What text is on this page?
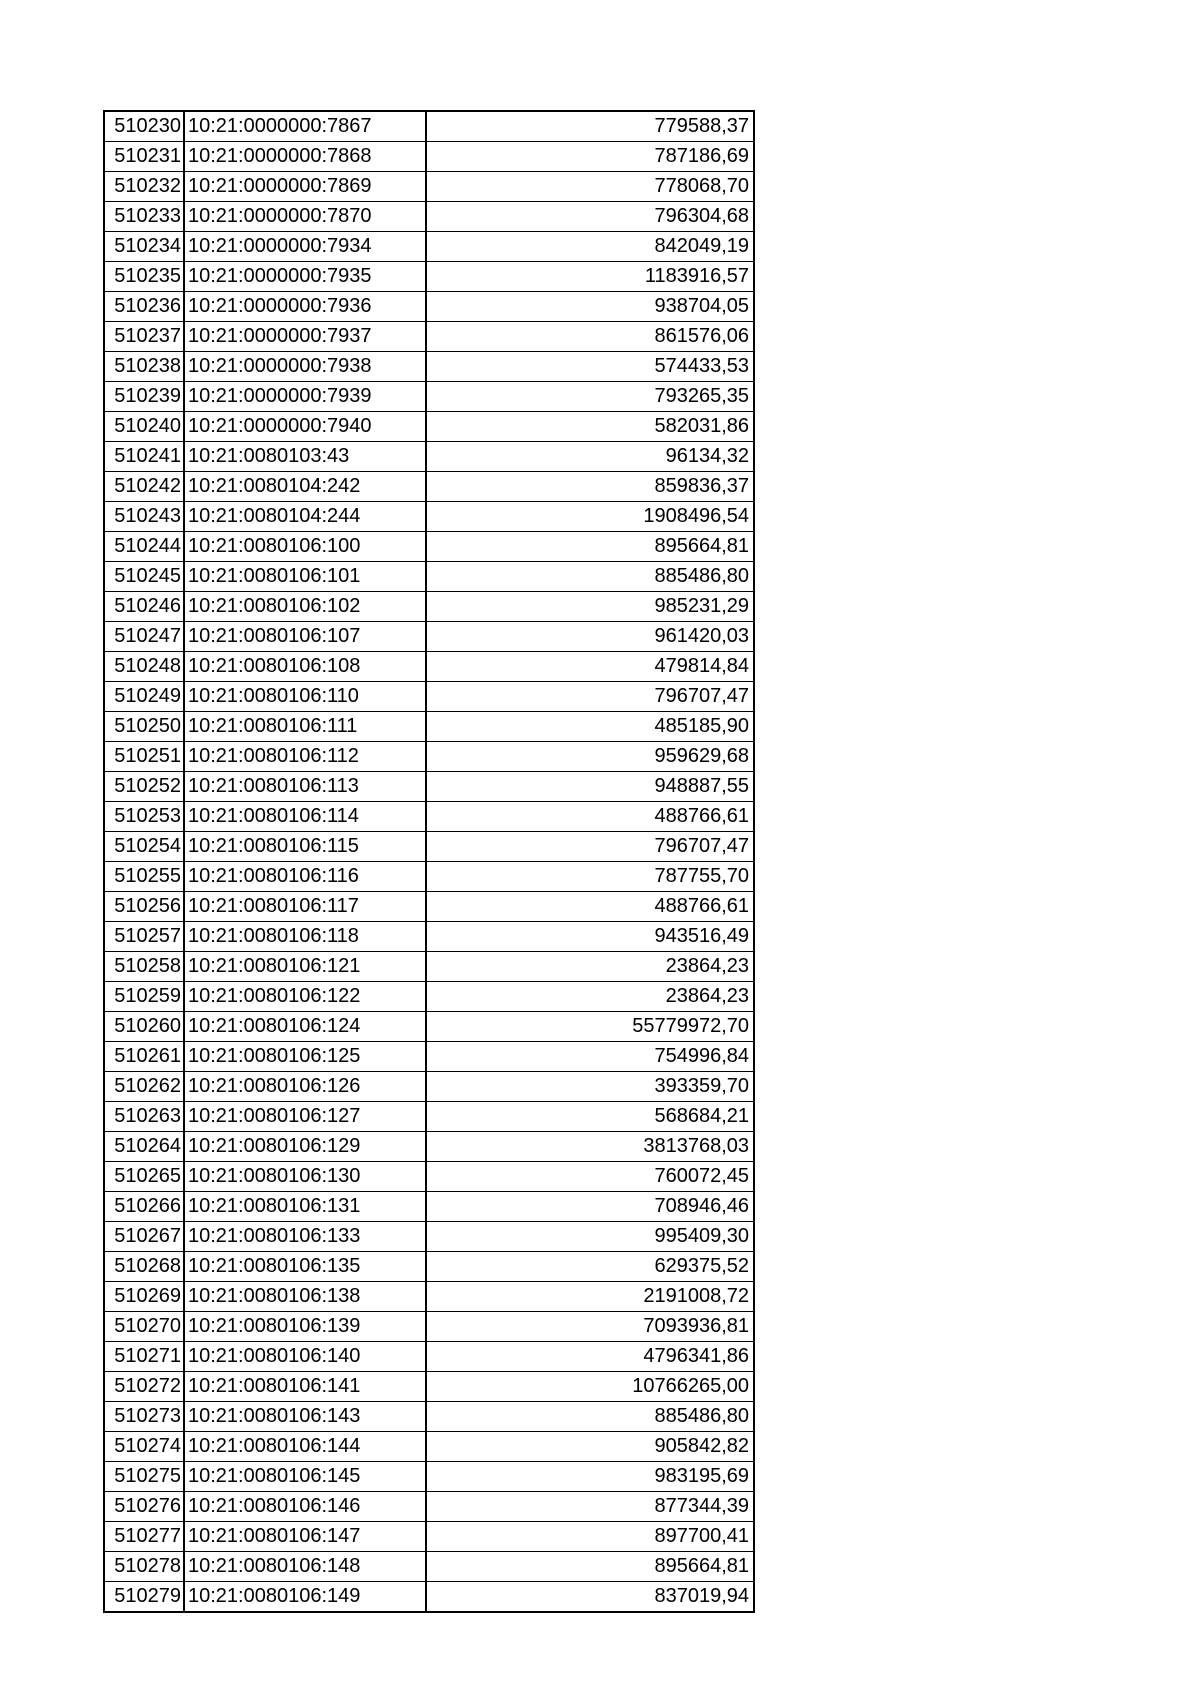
510230	10:21:0000000:7867	779588,37
510231	10:21:0000000:7868	787186,69
510232	10:21:0000000:7869	778068,70
510233	10:21:0000000:7870	796304,68
510234	10:21:0000000:7934	842049,19
510235	10:21:0000000:7935	1183916,57
510236	10:21:0000000:7936	938704,05
510237	10:21:0000000:7937	861576,06
510238	10:21:0000000:7938	574433,53
510239	10:21:0000000:7939	793265,35
510240	10:21:0000000:7940	582031,86
510241	10:21:0080103:43	96134,32
510242	10:21:0080104:242	859836,37
510243	10:21:0080104:244	1908496,54
510244	10:21:0080106:100	895664,81
510245	10:21:0080106:101	885486,80
510246	10:21:0080106:102	985231,29
510247	10:21:0080106:107	961420,03
510248	10:21:0080106:108	479814,84
510249	10:21:0080106:110	796707,47
510250	10:21:0080106:111	485185,90
510251	10:21:0080106:112	959629,68
510252	10:21:0080106:113	948887,55
510253	10:21:0080106:114	488766,61
510254	10:21:0080106:115	796707,47
510255	10:21:0080106:116	787755,70
510256	10:21:0080106:117	488766,61
510257	10:21:0080106:118	943516,49
510258	10:21:0080106:121	23864,23
510259	10:21:0080106:122	23864,23
510260	10:21:0080106:124	55779972,70
510261	10:21:0080106:125	754996,84
510262	10:21:0080106:126	393359,70
510263	10:21:0080106:127	568684,21
510264	10:21:0080106:129	3813768,03
510265	10:21:0080106:130	760072,45
510266	10:21:0080106:131	708946,46
510267	10:21:0080106:133	995409,30
510268	10:21:0080106:135	629375,52
510269	10:21:0080106:138	2191008,72
510270	10:21:0080106:139	7093936,81
510271	10:21:0080106:140	4796341,86
510272	10:21:0080106:141	10766265,00
510273	10:21:0080106:143	885486,80
510274	10:21:0080106:144	905842,82
510275	10:21:0080106:145	983195,69
510276	10:21:0080106:146	877344,39
510277	10:21:0080106:147	897700,41
510278	10:21:0080106:148	895664,81
510279	10:21:0080106:149	837019,94
